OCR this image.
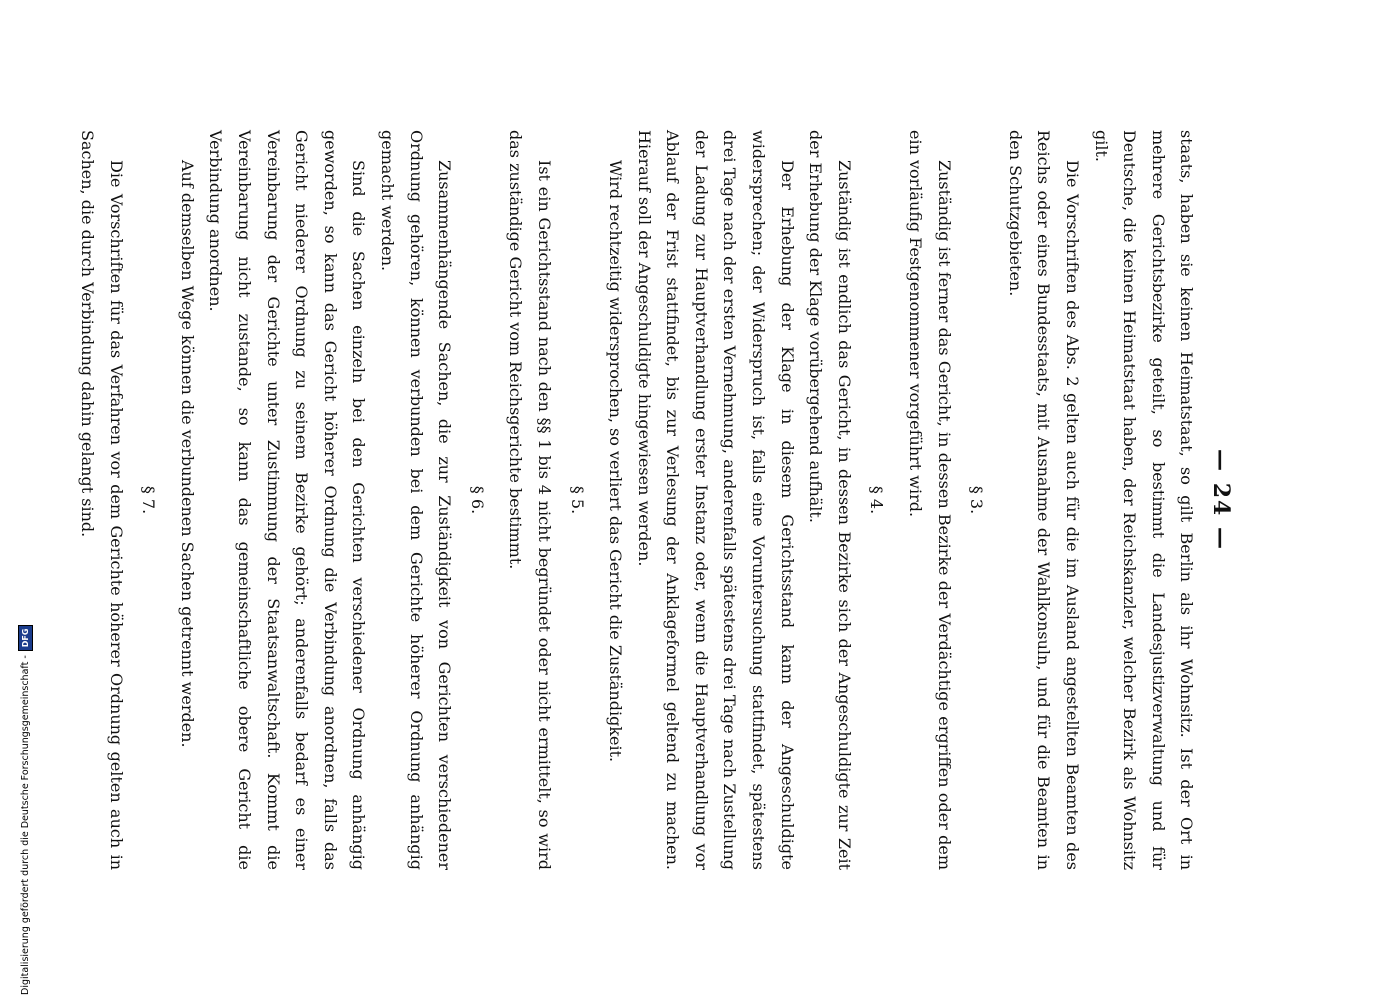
— 24 —

staats, haben sie keinen Heimatstaat, so gilt Berlin als ihr Wohnsitz. Ist der Ort in mehrere Gerichtsbezirke geteilt, so bestimmt die Landesjustizverwaltung und für Deutsche, die keinen Heimatstaat haben, der Reichskanzler, welcher Bezirk als Wohnsitz gilt.

Die Vorschriften des Abs. 2 gelten auch für die im Ausland angestellten Beamten des Reichs oder eines Bundesstaats, mit Ausnahme der Wahlkonsuln, und für die Beamten in den Schutzgebieten.

§ 3.

Zuständig ist ferner das Gericht, in dessen Bezirke der Verdächtige ergriffen oder dem ein vorläufig Festgenommener vorgeführt wird.

§ 4.

Zuständig ist endlich das Gericht, in dessen Bezirke sich der Angeschuldigte zur Zeit der Erhebung der Klage vorübergehend aufhält.

Der Erhebung der Klage in diesem Gerichtsstand kann der Angeschuldigte widersprechen; der Widerspruch ist, falls eine Voruntersuchung stattfindet, spätestens drei Tage nach der ersten Vernehmung, anderenfalls spätestens drei Tage nach Zustellung der Ladung zur Hauptverhandlung erster Instanz oder, wenn die Hauptverhandlung vor Ablauf der Frist stattfindet, bis zur Verlesung der Anklageformel geltend zu machen. Hierauf soll der Angeschuldigte hingewiesen werden.

Wird rechtzeitig widersprochen, so verliert das Gericht die Zuständigkeit.

§ 5.

Ist ein Gerichtsstand nach den §§ 1 bis 4 nicht begründet oder nicht ermittelt, so wird das zuständige Gericht vom Reichsgerichte bestimmt.

§ 6.

Zusammenhängende Sachen, die zur Zuständigkeit von Gerichten verschiedener Ordnung gehören, können verbunden bei dem Gerichte höherer Ordnung anhängig gemacht werden.

Sind die Sachen einzeln bei den Gerichten verschiedener Ordnung anhängig geworden, so kann das Gericht höherer Ordnung die Verbindung anordnen, falls das Gericht niederer Ordnung zu seinem Bezirke gehört; anderenfalls bedarf es einer Vereinbarung der Gerichte unter Zustimmung der Staatsanwaltschaft. Kommt die Vereinbarung nicht zustande, so kann das gemeinschaftliche obere Gericht die Verbindung anordnen.

Auf demselben Wege können die verbundenen Sachen getrennt werden.

§ 7.

Die Vorschriften für das Verfahren vor dem Gerichte höherer Ordnung gelten auch in Sachen, die durch Verbindung dahin gelangt sind.

Digitalisierung gefördert durch die Deutsche Forschungsgemeinschaft -
DFG
